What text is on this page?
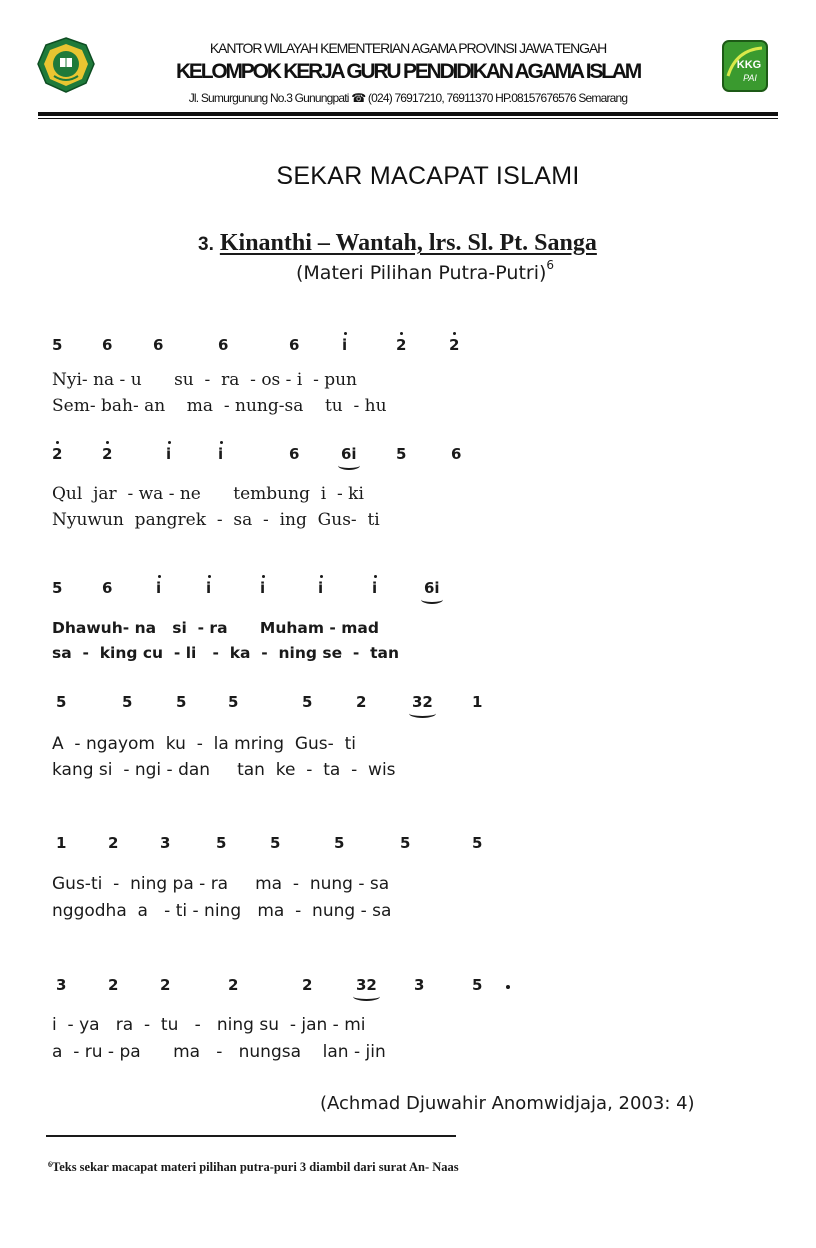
KANTOR WILAYAH KEMENTERIAN AGAMA PROVINSI JAWA TENGAH
KELOMPOK KERJA GURU PENDIDIKAN AGAMA ISLAM
Jl. Sumurgunung No.3 Gunungpati ☎ (024) 76917210, 76911370 HP.08157676576 Semarang
KKG
PAI
SEKAR MACAPAT ISLAMI
3. Kinanthi – Wantah, lrs. Sl. Pt. Sanga
(Materi Pilihan Putra-Putri)$^6$
5	6	6	6	6	i	2	2
Nyi- na - u      su  -  ra  - os - i  - pun
Sem- bah- an    ma  - nung-sa    tu  - hu
2	2	i	i	6	6i	5	6
Qul  jar  - wa - ne      tembung  i  - ki
Nyuwun  pangrek  -  sa  -  ing  Gus-  ti
5	6	i	i	i	i	i	6i
Dhawuh- na   si  - ra      Muham - mad
sa  -  king cu  - li   -  ka  -  ning se  -  tan
5	5	5	5	5	2	32	1
A  - ngayom  ku  -  la mring  Gus-  ti
kang si  - ngi - dan     tan  ke  -  ta  -  wis
1	2	3	5	5	5	5	5
Gus-ti  -  ning pa - ra     ma  -  nung - sa
nggodha  a   - ti - ning   ma  -  nung - sa
3	2	2	2	2	32 3	5
i  - ya   ra  -  tu   -   ning su  - jan - mi
a  - ru - pa      ma   -   nungsa    lan - jin
(Achmad Djuwahir Anomwidjaja, 2003: 4)
$^6$Teks sekar macapat materi pilihan putra-puri 3 diambil dari surat An- Naas
